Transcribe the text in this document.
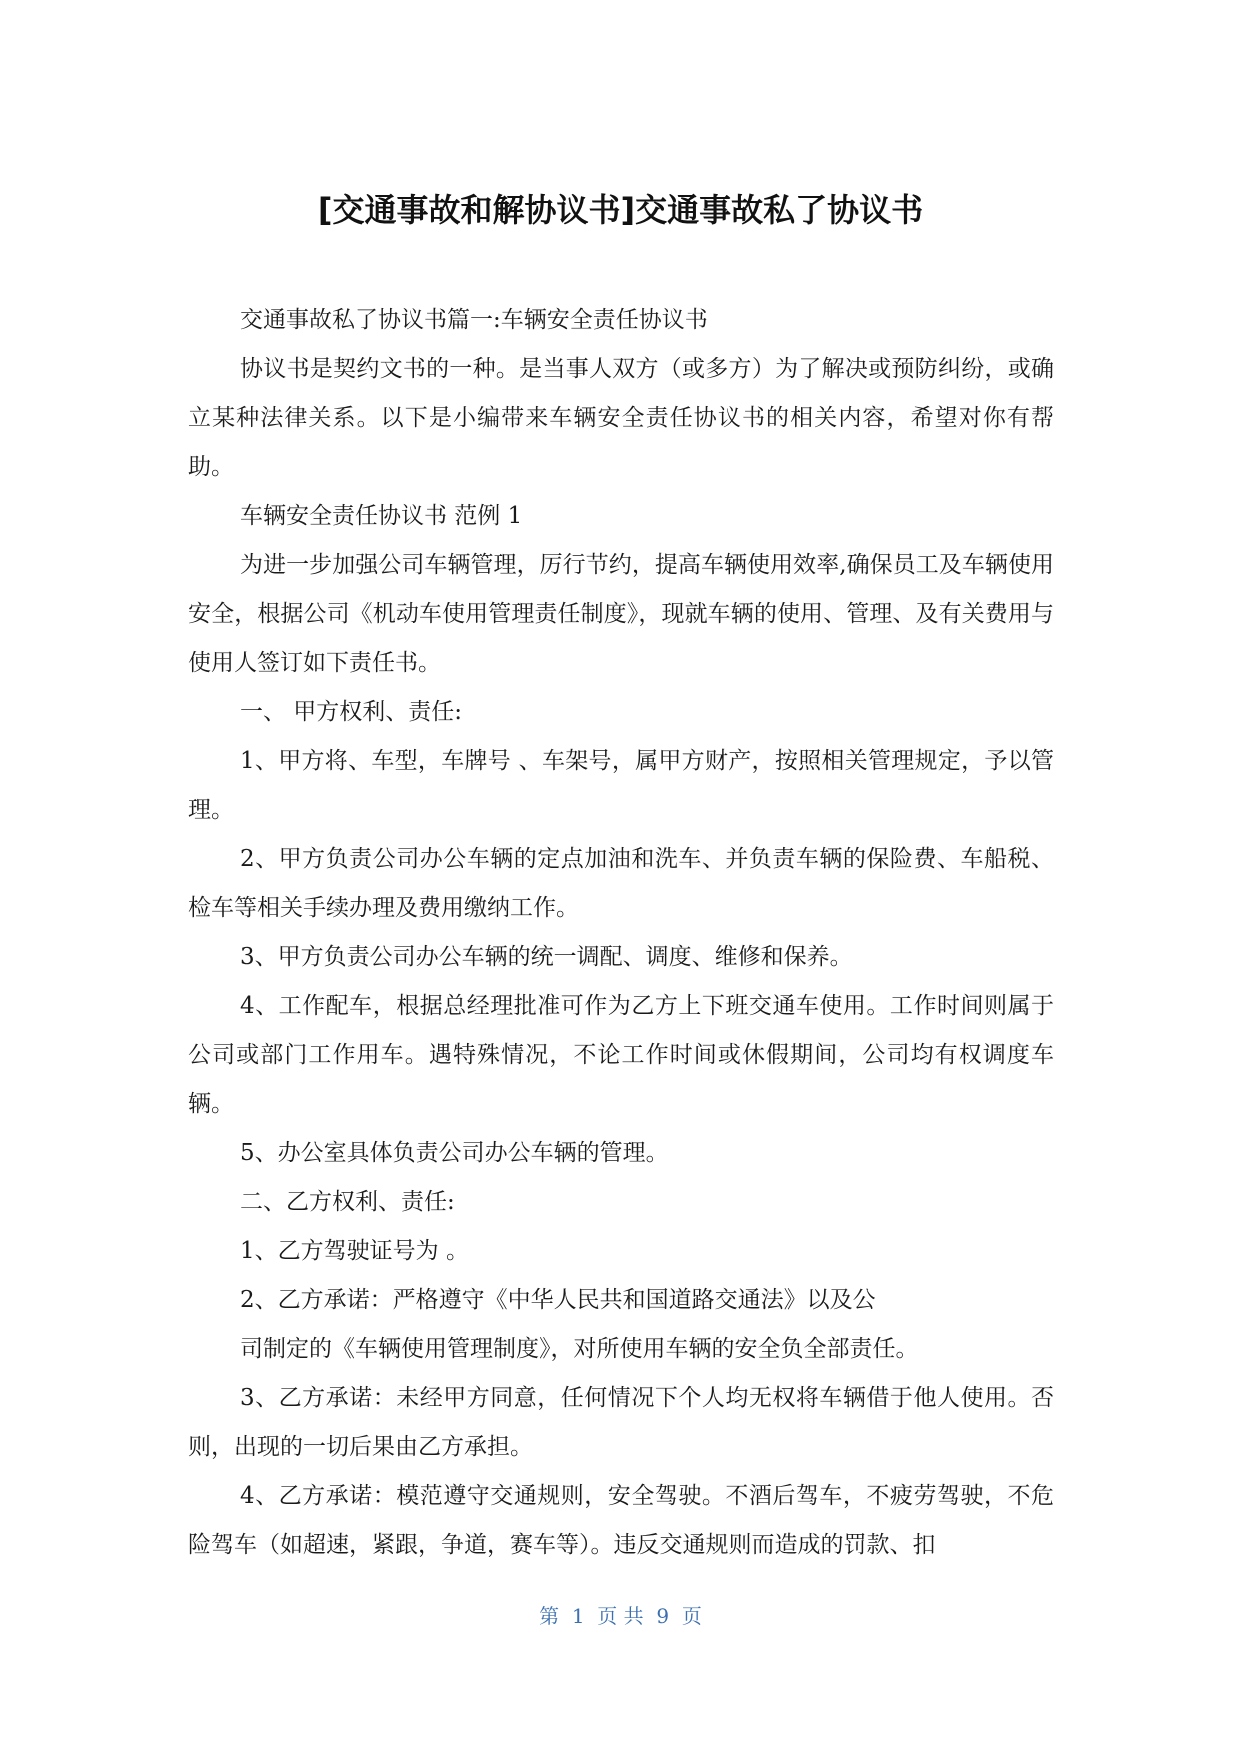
[交通事故和解协议书]交通事故私了协议书

交通事故私了协议书篇一:车辆安全责任协议书

协议书是契约文书的一种。是当事人双方（或多方）为了解决或预防纠纷，或确立某种法律关系。以下是小编带来车辆安全责任协议书的相关内容，希望对你有帮助。

车辆安全责任协议书 范例 1

为进一步加强公司车辆管理，厉行节约，提高车辆使用效率,确保员工及车辆使用安全，根据公司《机动车使用管理责任制度》，现就车辆的使用、管理、及有关费用与使用人签订如下责任书。

一、 甲方权利、责任:

1、甲方将、车型，车牌号 、车架号，属甲方财产，按照相关管理规定，予以管理。

2、甲方负责公司办公车辆的定点加油和洗车、并负责车辆的保险费、车船税、检车等相关手续办理及费用缴纳工作。

3、甲方负责公司办公车辆的统一调配、调度、维修和保养。

4、工作配车，根据总经理批准可作为乙方上下班交通车使用。工作时间则属于公司或部门工作用车。遇特殊情况，不论工作时间或休假期间，公司均有权调度车辆。

5、办公室具体负责公司办公车辆的管理。

二、乙方权利、责任:

1、乙方驾驶证号为 。

2、乙方承诺：严格遵守《中华人民共和国道路交通法》以及公

司制定的《车辆使用管理制度》，对所使用车辆的安全负全部责任。

3、乙方承诺：未经甲方同意，任何情况下个人均无权将车辆借于他人使用。否则，出现的一切后果由乙方承担。

4、乙方承诺：模范遵守交通规则，安全驾驶。不酒后驾车，不疲劳驾驶，不危险驾车（如超速，紧跟，争道，赛车等）。违反交通规则而造成的罚款、扣

第  1  页 共  9  页
